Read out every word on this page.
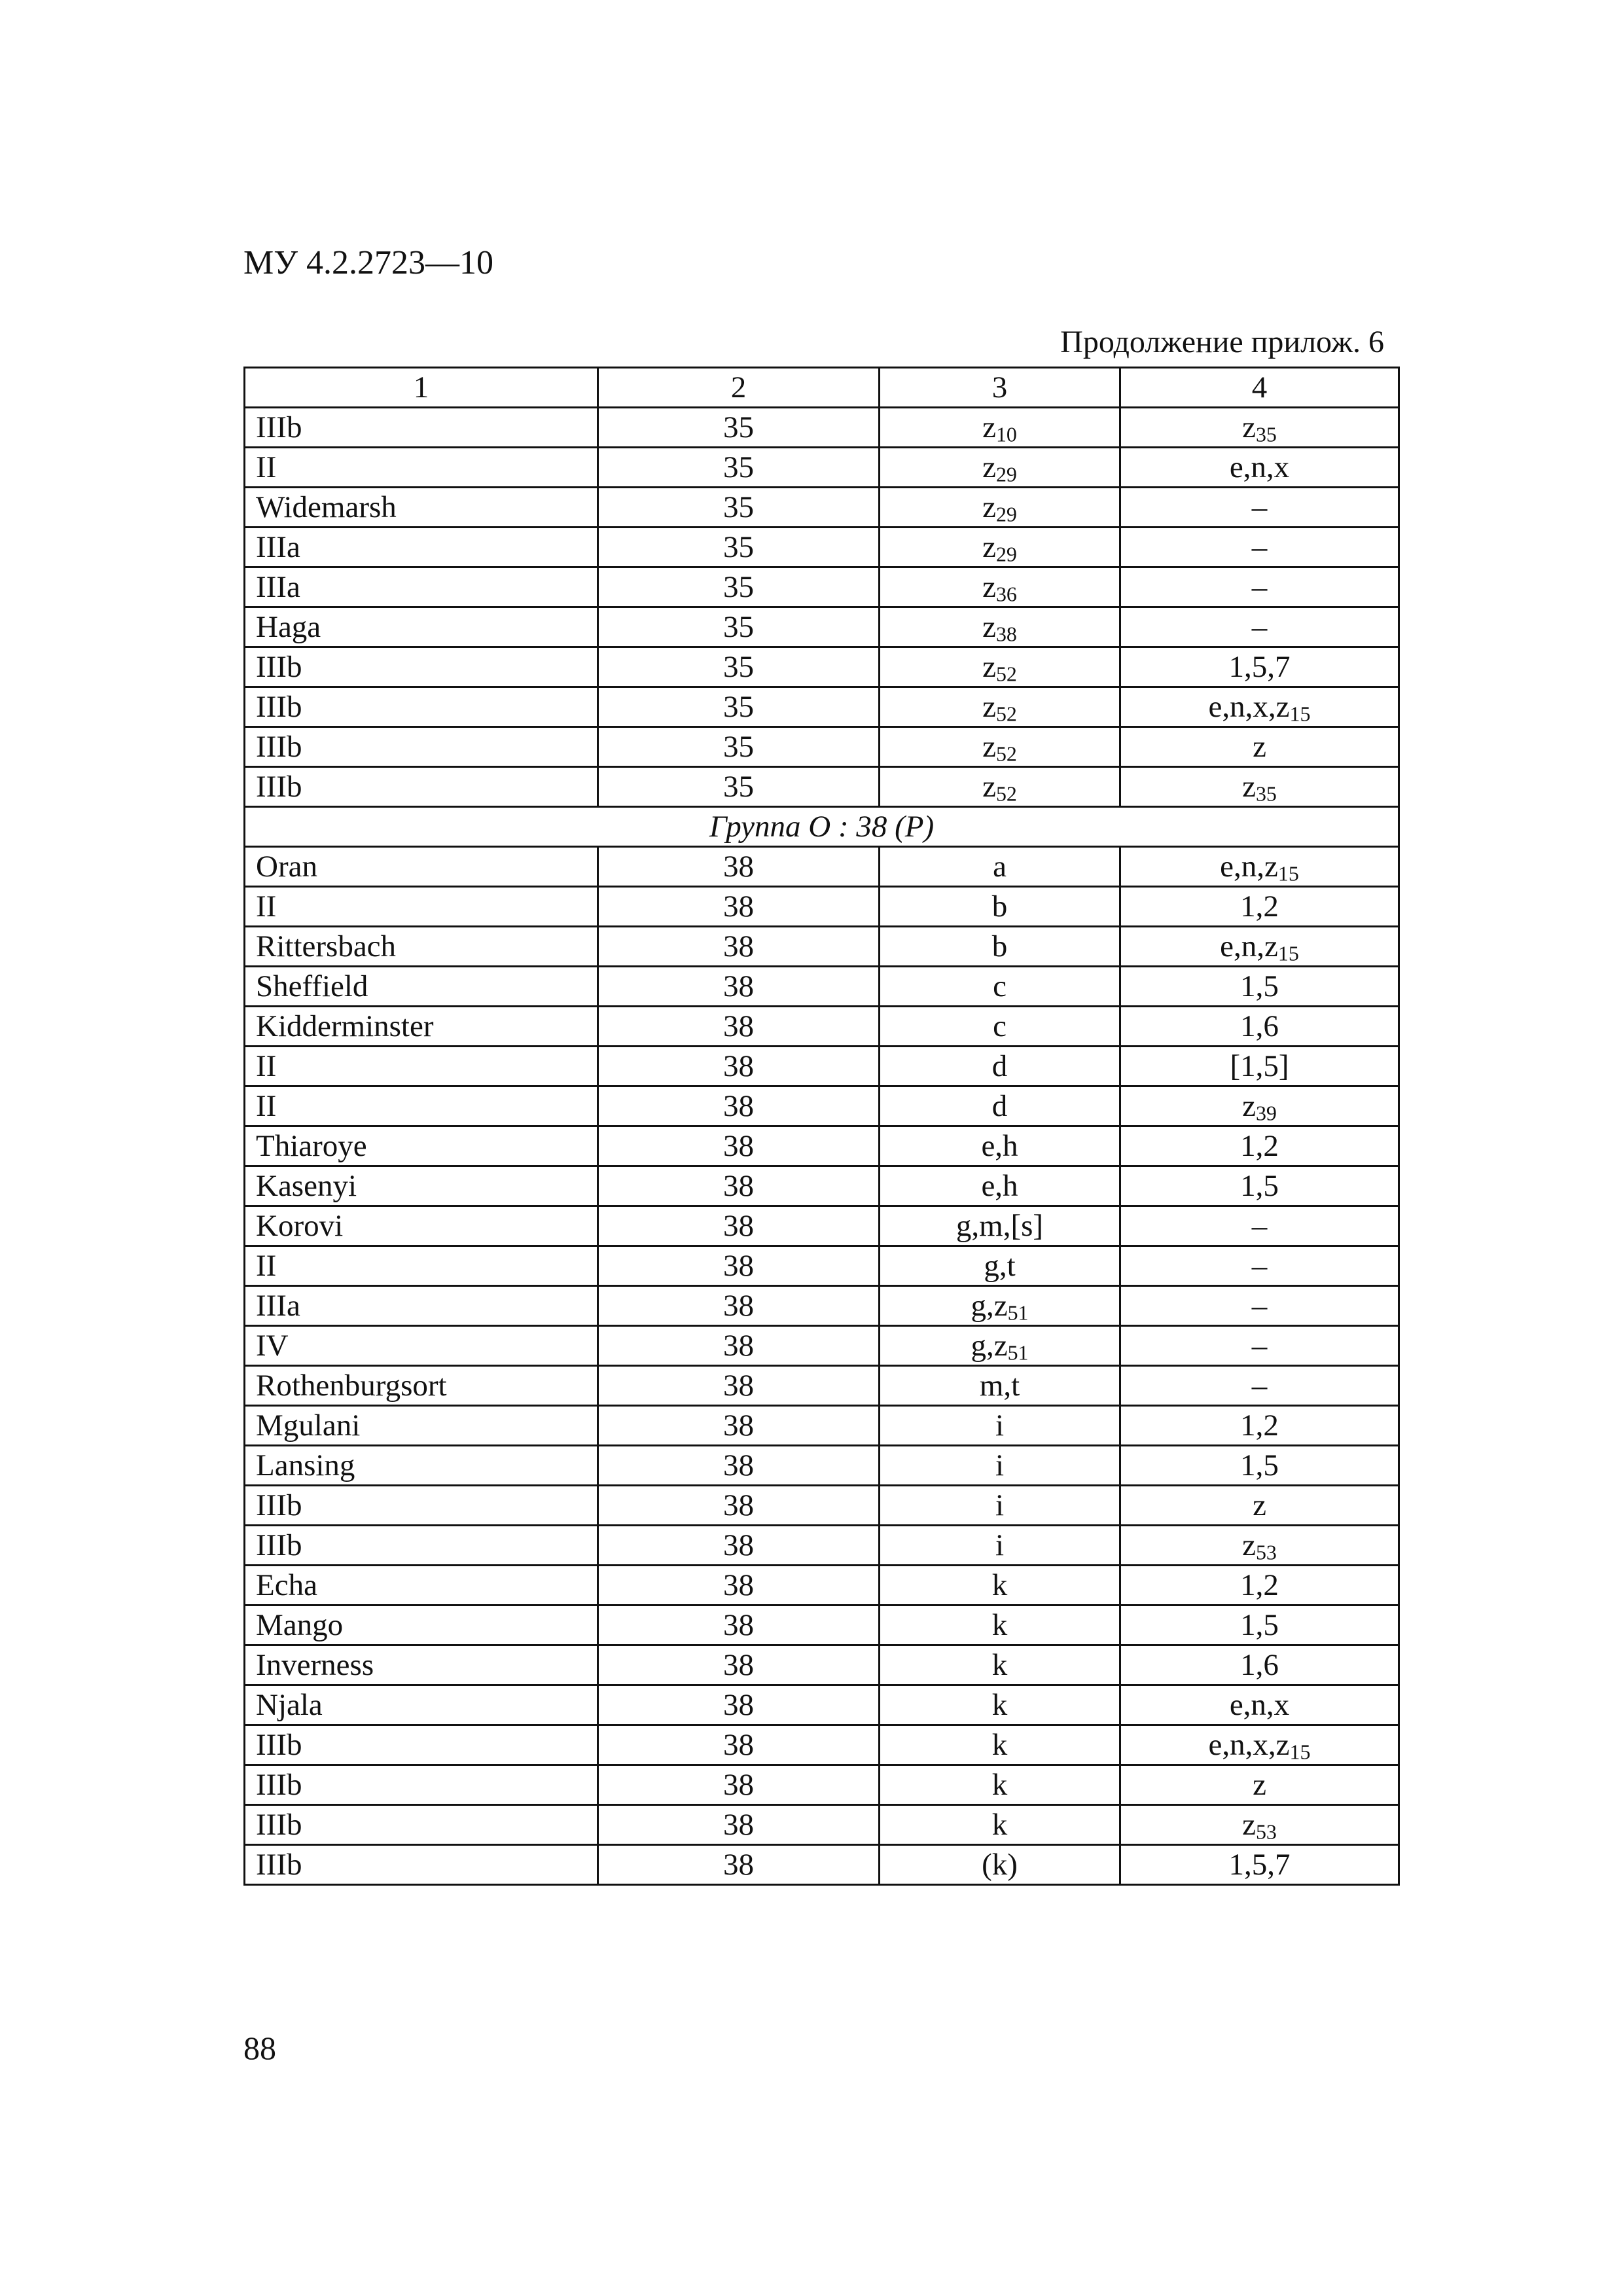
МУ 4.2.2723—10
Продолжение прилож. 6
1	2	3	4
IIIb	35	$z_{10}$	$z_{35}$
II	35	$z_{29}$	e,n,x
Widemarsh	35	$z_{29}$	–
IIIa	35	$z_{29}$	–
IIIa	35	$z_{36}$	–
Haga	35	$z_{38}$	–
IIIb	35	$z_{52}$	1,5,7
IIIb	35	$z_{52}$	$e,n,x,z_{15}$
IIIb	35	$z_{52}$	z
IIIb	35	$z_{52}$	$z_{35}$
Группа О : 38 (P)			
Oran	38	a	$e,n,z_{15}$
II	38	b	1,2
Rittersbach	38	b	$e,n,z_{15}$
Sheffield	38	c	1,5
Kidderminster	38	c	1,6
II	38	d	[1,5]
II	38	d	$z_{39}$
Thiaroye	38	e,h	1,2
Kasenyi	38	e,h	1,5
Korovi	38	g,m,[s]	–
II	38	g,t	–
IIIa	38	$g,z_{51}$	–
IV	38	$g,z_{51}$	–
Rothenburgsort	38	m,t	–
Mgulani	38	i	1,2
Lansing	38	i	1,5
IIIb	38	i	z
IIIb	38	i	$z_{53}$
Echa	38	k	1,2
Mango	38	k	1,5
Inverness	38	k	1,6
Njala	38	k	e,n,x
IIIb	38	k	$e,n,x,z_{15}$
IIIb	38	k	z
IIIb	38	k	$z_{53}$
IIIb	38	(k)	1,5,7
88
